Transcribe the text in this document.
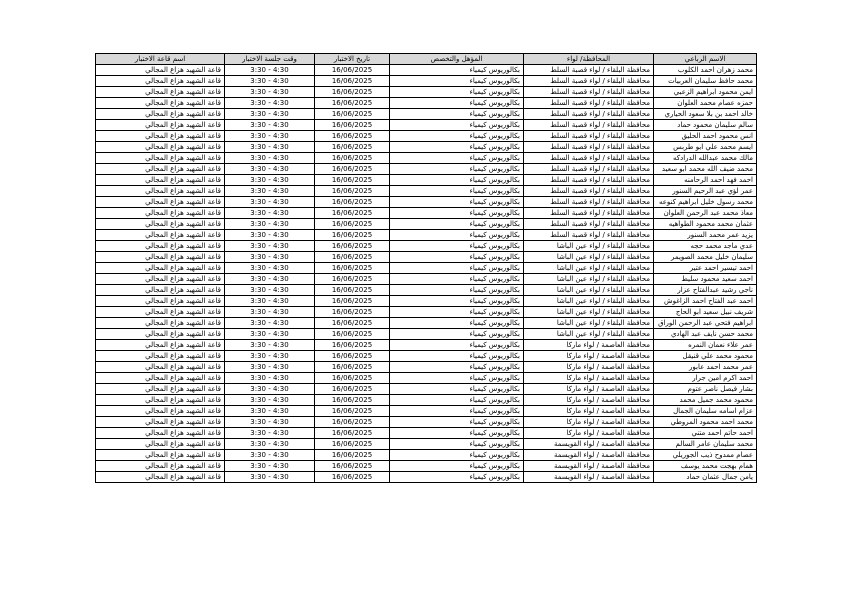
اسم قاعة الاختبار	وقت جلسة الاختبار	تاريخ الاختبار	المؤهل والتخصص	المحافظة/ لواء	الاسم الرباعي
قاعة الشهيد هزاع المجالي	3:30 - 4:30	16/06/2025	بكالوريوس كيمياء	محافظة البلقاء / لواء قصبة السلط	محمد زهران احمد الكلوب
قاعة الشهيد هزاع المجالي	3:30 - 4:30	16/06/2025	بكالوريوس كيمياء	محافظة البلقاء / لواء قصبة السلط	محمد حافظ سليمان العربيات
قاعة الشهيد هزاع المجالي	3:30 - 4:30	16/06/2025	بكالوريوس كيمياء	محافظة البلقاء / لواء قصبة السلط	ايمن محمود ابراهيم الزعبي
قاعة الشهيد هزاع المجالي	3:30 - 4:30	16/06/2025	بكالوريوس كيمياء	محافظة البلقاء / لواء قصبة السلط	حمزه عصام محمد العلوان
قاعة الشهيد هزاع المجالي	3:30 - 4:30	16/06/2025	بكالوريوس كيمياء	محافظة البلقاء / لواء قصبة السلط	خالد احمد بن بلا سعود الحياري
قاعة الشهيد هزاع المجالي	3:30 - 4:30	16/06/2025	بكالوريوس كيمياء	محافظة البلقاء / لواء قصبة السلط	سالم سليمان محمود حماد
قاعة الشهيد هزاع المجالي	3:30 - 4:30	16/06/2025	بكالوريوس كيمياء	محافظة البلقاء / لواء قصبة السلط	انس محمود احمد الحليق
قاعة الشهيد هزاع المجالي	3:30 - 4:30	16/06/2025	بكالوريوس كيمياء	محافظة البلقاء / لواء قصبة السلط	ايسم محمد علي ابو طربس
قاعة الشهيد هزاع المجالي	3:30 - 4:30	16/06/2025	بكالوريوس كيمياء	محافظة البلقاء / لواء قصبة السلط	مالك محمد عبدالله الدرادكه
قاعة الشهيد هزاع المجالي	3:30 - 4:30	16/06/2025	بكالوريوس كيمياء	محافظة البلقاء / لواء قصبة السلط	محمد ضيف الله محمد ابو سعيد
قاعة الشهيد هزاع المجالي	3:30 - 4:30	16/06/2025	بكالوريوس كيمياء	محافظة البلقاء / لواء قصبة السلط	احمد فهد احمد الرحامنه
قاعة الشهيد هزاع المجالي	3:30 - 4:30	16/06/2025	بكالوريوس كيمياء	محافظة البلقاء / لواء قصبة السلط	عمر لؤي عبد الرحيم السنور
قاعة الشهيد هزاع المجالي	3:30 - 4:30	16/06/2025	بكالوريوس كيمياء	محافظة البلقاء / لواء قصبة السلط	محمد رسول خليل ابراهيم كنوعه
قاعة الشهيد هزاع المجالي	3:30 - 4:30	16/06/2025	بكالوريوس كيمياء	محافظة البلقاء / لواء قصبة السلط	معاذ محمد عبد الرحمن العلوان
قاعة الشهيد هزاع المجالي	3:30 - 4:30	16/06/2025	بكالوريوس كيمياء	محافظة البلقاء / لواء قصبة السلط	عثمان محمد محمود الطواهيه
قاعة الشهيد هزاع المجالي	3:30 - 4:30	16/06/2025	بكالوريوس كيمياء	محافظة البلقاء / لواء قصبة السلط	يزيد عمر محمد السنور
قاعة الشهيد هزاع المجالي	3:30 - 4:30	16/06/2025	بكالوريوس كيمياء	محافظة البلقاء / لواء عين الباشا	عدي ماجد محمد حجه
قاعة الشهيد هزاع المجالي	3:30 - 4:30	16/06/2025	بكالوريوس كيمياء	محافظة البلقاء / لواء عين الباشا	سليمان خليل محمد الصويمر
قاعة الشهيد هزاع المجالي	3:30 - 4:30	16/06/2025	بكالوريوس كيمياء	محافظة البلقاء / لواء عين الباشا	احمد تيسير احمد عتير
قاعة الشهيد هزاع المجالي	3:30 - 4:30	16/06/2025	بكالوريوس كيمياء	محافظة البلقاء / لواء عين الباشا	احمد سعيد محمود سليط
قاعة الشهيد هزاع المجالي	3:30 - 4:30	16/06/2025	بكالوريوس كيمياء	محافظة البلقاء / لواء عين الباشا	ناجي رشيد عبدالفتاح عزار
قاعة الشهيد هزاع المجالي	3:30 - 4:30	16/06/2025	بكالوريوس كيمياء	محافظة البلقاء / لواء عين الباشا	احمد عبد الفتاح احمد الزاغوش
قاعة الشهيد هزاع المجالي	3:30 - 4:30	16/06/2025	بكالوريوس كيمياء	محافظة البلقاء / لواء عين الباشا	شريف نبيل سعيد ابو الحاج
قاعة الشهيد هزاع المجالي	3:30 - 4:30	16/06/2025	بكالوريوس كيمياء	محافظة البلقاء / لواء عين الباشا	ابراهيم فتحي عبد الرحمن الوراق
قاعة الشهيد هزاع المجالي	3:30 - 4:30	16/06/2025	بكالوريوس كيمياء	محافظة البلقاء / لواء عين الباشا	محمد حسن نايف عبد الهادي
قاعة الشهيد هزاع المجالي	3:30 - 4:30	16/06/2025	بكالوريوس كيمياء	محافظة العاصمة / لواء ماركا	عمر علاء نعمان النمره
قاعة الشهيد هزاع المجالي	3:30 - 4:30	16/06/2025	بكالوريوس كيمياء	محافظة العاصمة / لواء ماركا	محمود محمد علي قنيقل
قاعة الشهيد هزاع المجالي	3:30 - 4:30	16/06/2025	بكالوريوس كيمياء	محافظة العاصمة / لواء ماركا	عمر محمد احمد عابور
قاعة الشهيد هزاع المجالي	3:30 - 4:30	16/06/2025	بكالوريوس كيمياء	محافظة العاصمة / لواء ماركا	احمد اكرم امين جرار
قاعة الشهيد هزاع المجالي	3:30 - 4:30	16/06/2025	بكالوريوس كيمياء	محافظة العاصمة / لواء ماركا	بشار فيصل ناصر عتوم
قاعة الشهيد هزاع المجالي	3:30 - 4:30	16/06/2025	بكالوريوس كيمياء	محافظة العاصمة / لواء ماركا	محمود محمد جميل محمد
قاعة الشهيد هزاع المجالي	3:30 - 4:30	16/06/2025	بكالوريوس كيمياء	محافظة العاصمة / لواء ماركا	عزام اسامه سليمان الجمال
قاعة الشهيد هزاع المجالي	3:30 - 4:30	16/06/2025	بكالوريوس كيمياء	محافظة العاصمة / لواء ماركا	محمد احمد محمود المروطي
قاعة الشهيد هزاع المجالي	3:30 - 4:30	16/06/2025	بكالوريوس كيمياء	محافظة العاصمة / لواء ماركا	احمد حاتم احمد متني
قاعة الشهيد هزاع المجالي	3:30 - 4:30	16/06/2025	بكالوريوس كيمياء	محافظة العاصمة / لواء القويسمة	محمد سليمان عامر السالم
قاعة الشهيد هزاع المجالي	3:30 - 4:30	16/06/2025	بكالوريوس كيمياء	محافظة العاصمة / لواء القويسمة	عصام ممدوح ذيب الجوريلي
قاعة الشهيد هزاع المجالي	3:30 - 4:30	16/06/2025	بكالوريوس كيمياء	محافظة العاصمة / لواء القويسمة	همام بهجت محمد يوسف
قاعة الشهيد هزاع المجالي	3:30 - 4:30	16/06/2025	بكالوريوس كيمياء	محافظة العاصمة / لواء القويسمة	يامن جمال عثمان حماد
